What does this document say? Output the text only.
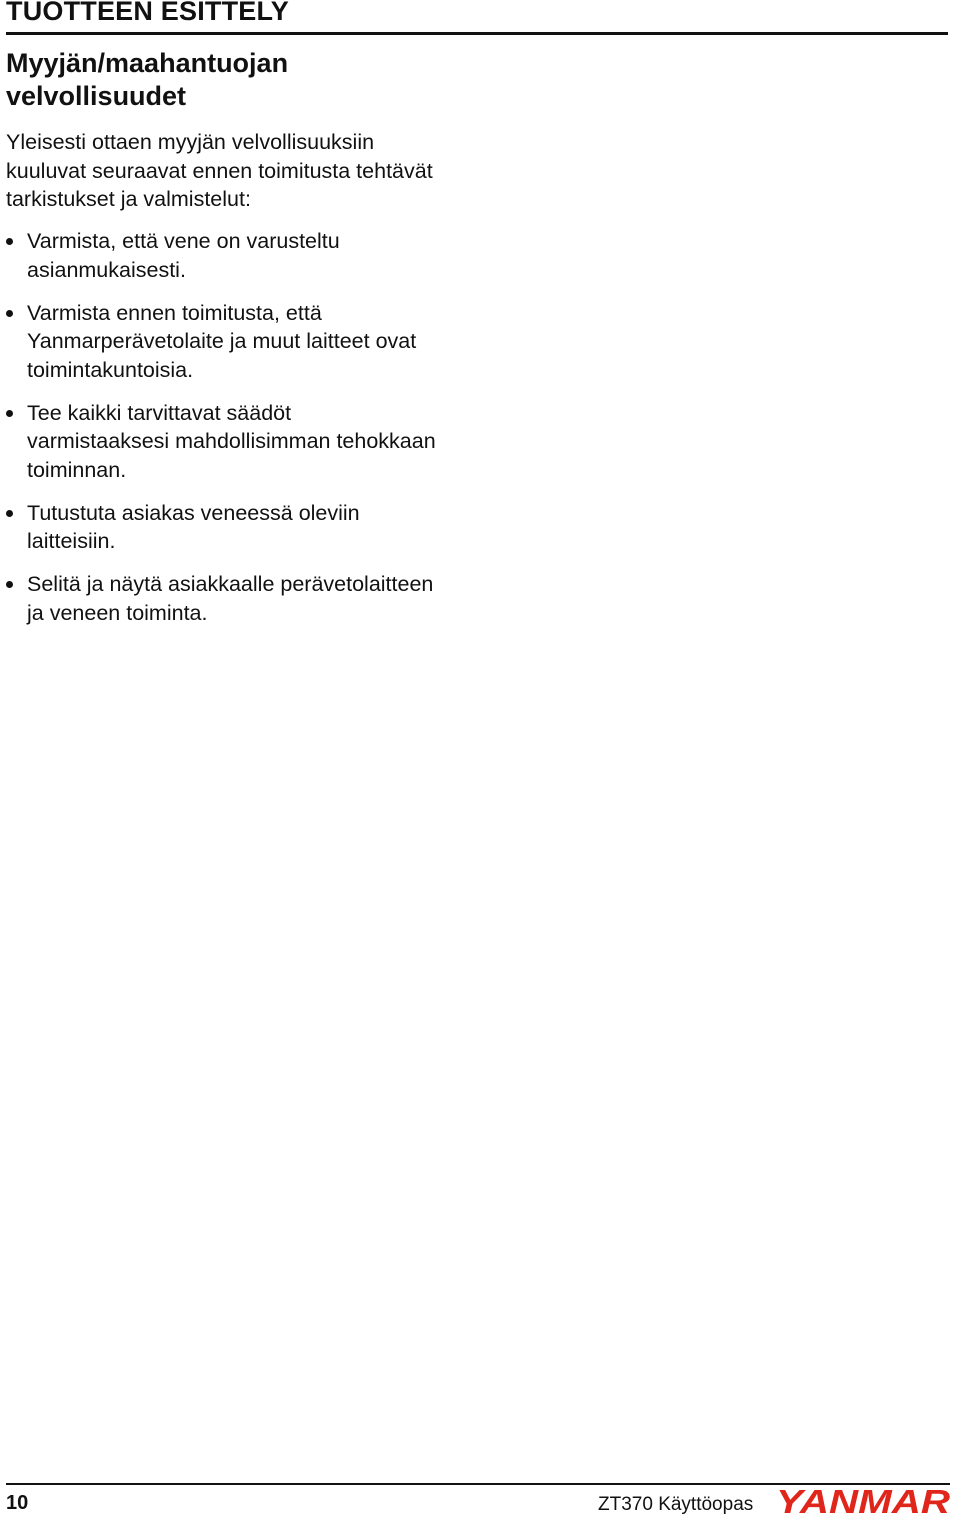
TUOTTEEN ESITTELY
Myyjän/maahantuojan
velvollisuudet

Yleisesti ottaen myyjän velvollisuuksiin kuuluvat seuraavat ennen toimitusta tehtävät tarkistukset ja valmistelut:

Varmista, että vene on varusteltu asianmukaisesti.
Varmista ennen toimitusta, että Yanmarperävetolaite ja muut laitteet ovat toimintakuntoisia.
Tee kaikki tarvittavat säädöt varmistaaksesi mahdollisimman tehokkaan toiminnan.
Tutustuta asiakas veneessä oleviin laitteisiin.
Selitä ja näytä asiakkaalle perävetolaitteen ja veneen toiminta.
10	ZT370 Käyttöopas YANMAR
